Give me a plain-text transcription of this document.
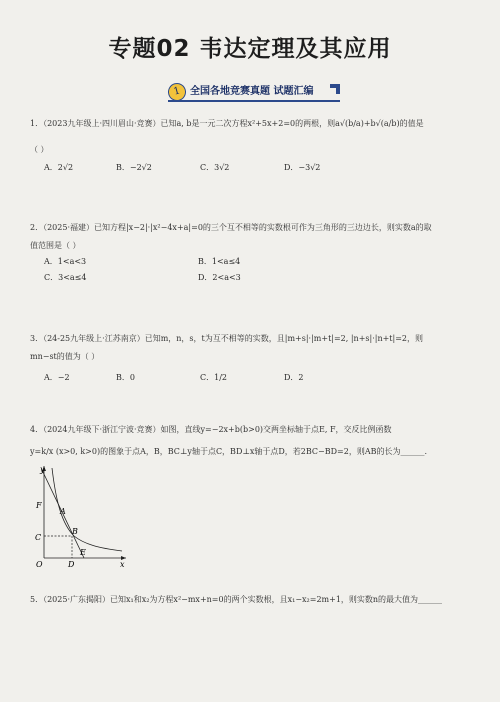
专题02 韦达定理及其应用
1 全国各地竞赛真题 试题汇编
1．（2023九年级上·四川眉山·竞赛）已知a, b是一元二次方程x²+5x+2=0的两根，则a√(b/a)+b√(a/b)的值是
（ ）
A．2√2	B．−2√2	C．3√2	D．−3√2
2．（2025·福建）已知方程|x−2|·|x²−4x+a|=0的三个互不相等的实数根可作为三角形的三边边长，则实数a的取
值范围是（ ）
A．1<a<3	B．1<a≤4
C．3<a≤4	D．2<a<3
3．（24-25九年级上·江苏南京）已知m，n，s，t为互不相等的实数，且|m+s|·|m+t|=2, |n+s|·|n+t|=2，则
mn−st的值为（ ）
A．−2	B．0	C．1/2	D．2
4．（2024九年级下·浙江宁波·竞赛）如图，直线y=−2x+b(b>0)交两坐标轴于点E, F，交反比例函数
y=k/x (x>0, k>0)的图象于点A，B，BC⊥y轴于点C，BD⊥x轴于点D，若2BC−BD=2，则AB的长为______.
y
F
A
C
B
O	D
E
x
5．（2025·广东揭阳）已知x₁和x₂为方程x²−mx+n=0的两个实数根，且x₁−x₂=2m+1，则实数n的最大值为______
